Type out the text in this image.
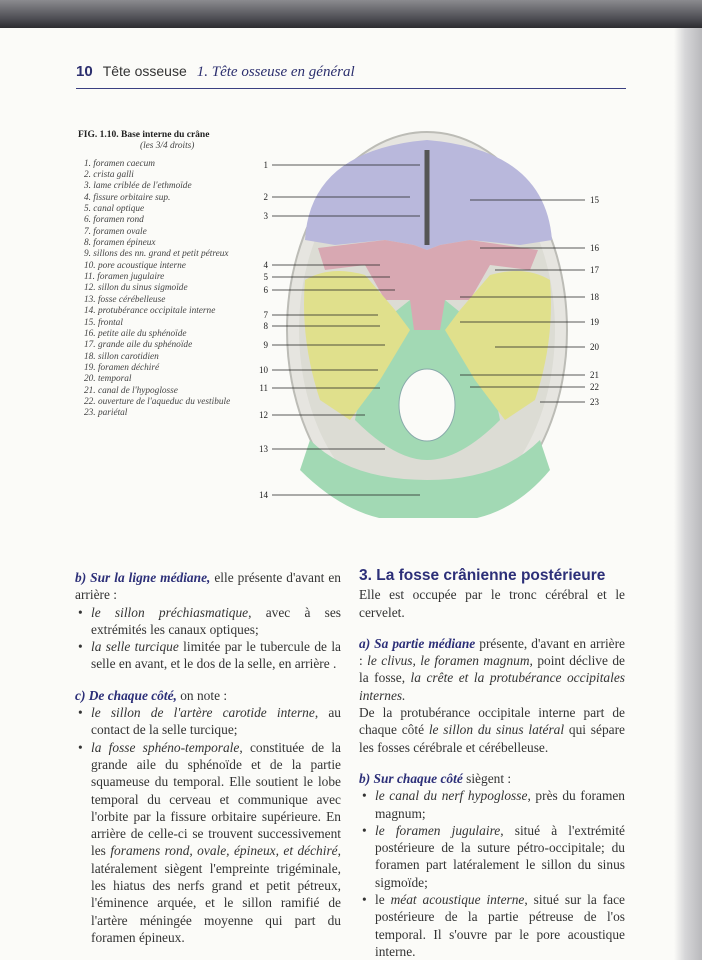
10 Tête osseuse 1. Tête osseuse en général
FIG. 1.10. Base interne du crâne
(les 3/4 droits)
1. foramen caecum
2. crista galli
3. lame criblée de l'ethmoïde
4. fissure orbitaire sup.
5. canal optique
6. foramen rond
7. foramen ovale
8. foramen épineux
9. sillons des nn. grand et petit pétreux
10. pore acoustique interne
11. foramen jugulaire
12. sillon du sinus sigmoïde
13. fosse cérébelleuse
14. protubérance occipitale interne
15. frontal
16. petite aile du sphénoïde
17. grande aile du sphénoïde
18. sillon carotidien
19. foramen déchiré
20. temporal
21. canal de l'hypoglosse
22. ouverture de l'aqueduc du vestibule
23. pariétal
1
2
3
4
5
6
7
8
9
10
11
12
13
14
15
16
17
18
19
20
21
22
23
b) Sur la ligne médiane, elle présente d'avant en arrière :
• le sillon préchiasmatique, avec à ses extrémités les canaux optiques;
• la selle turcique limitée par le tubercule de la selle en avant, et le dos de la selle, en arrière .
c) De chaque côté, on note :
• le sillon de l'artère carotide interne, au contact de la selle turcique;
• la fosse sphéno-temporale, constituée de la grande aile du sphénoïde et de la partie squameuse du temporal. Elle soutient le lobe temporal du cerveau et communique avec l'orbite par la fissure orbitaire supérieure. En arrière de celle-ci se trouvent successivement les foramens rond, ovale, épineux, et déchiré, latéralement siègent l'empreinte trigéminale, les hiatus des nerfs grand et petit pétreux, l'éminence arquée, et le sillon ramifié de l'artère méningée moyenne qui part du foramen épineux.
3. La fosse crânienne postérieure
Elle est occupée par le tronc cérébral et le cervelet.
a) Sa partie médiane présente, d'avant en arrière : le clivus, le foramen magnum, point déclive de la fosse, la crête et la protubérance occipitales internes.
De la protubérance occipitale interne part de chaque côté le sillon du sinus latéral qui sépare les fosses cérébrale et cérébelleuse.
b) Sur chaque côté siègent :
• le canal du nerf hypoglosse, près du foramen magnum;
• le foramen jugulaire, situé à l'extrémité postérieure de la suture pétro-occipitale; du foramen part latéralement le sillon du sinus sigmoïde;
• le méat acoustique interne, situé sur la face postérieure de la partie pétreuse de l'os temporal. Il s'ouvre par le pore acoustique interne.
